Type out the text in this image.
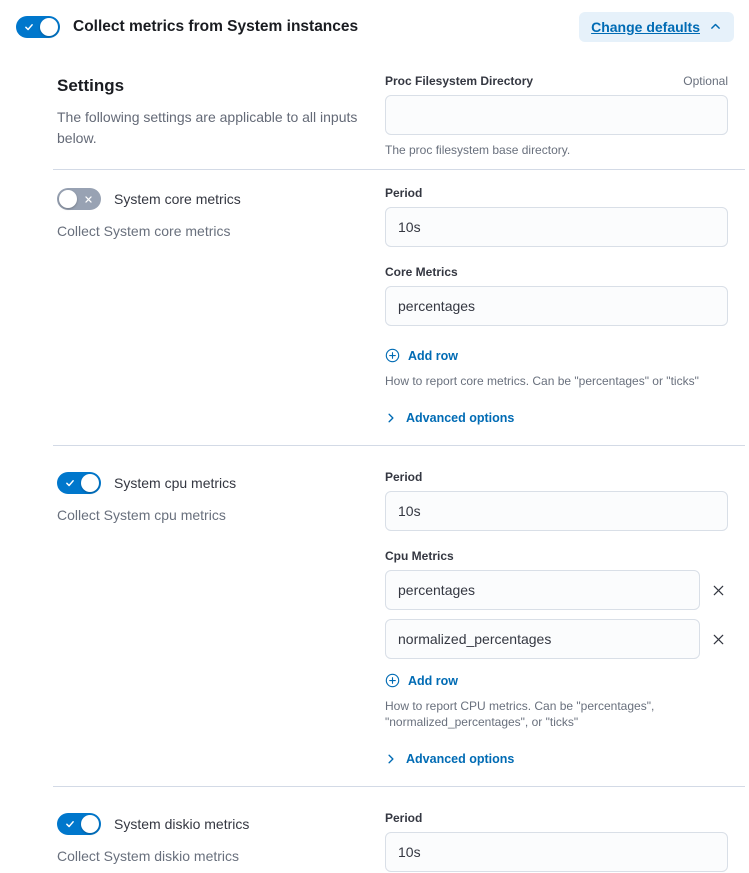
Collect metrics from System instances	Change defaults
Settings
The following settings are applicable to all inputs below.
Proc Filesystem Directory	Optional
The proc filesystem base directory.
System core metrics
Collect System core metrics
Period
10s
Core Metrics
percentages
Add row
How to report core metrics. Can be "percentages" or "ticks"
Advanced options
System cpu metrics
Collect System cpu metrics
Period
10s
Cpu Metrics
percentages
normalized_percentages
Add row
How to report CPU metrics. Can be "percentages", "normalized_percentages", or "ticks"
Advanced options
System diskio metrics
Collect System diskio metrics
Period
10s
